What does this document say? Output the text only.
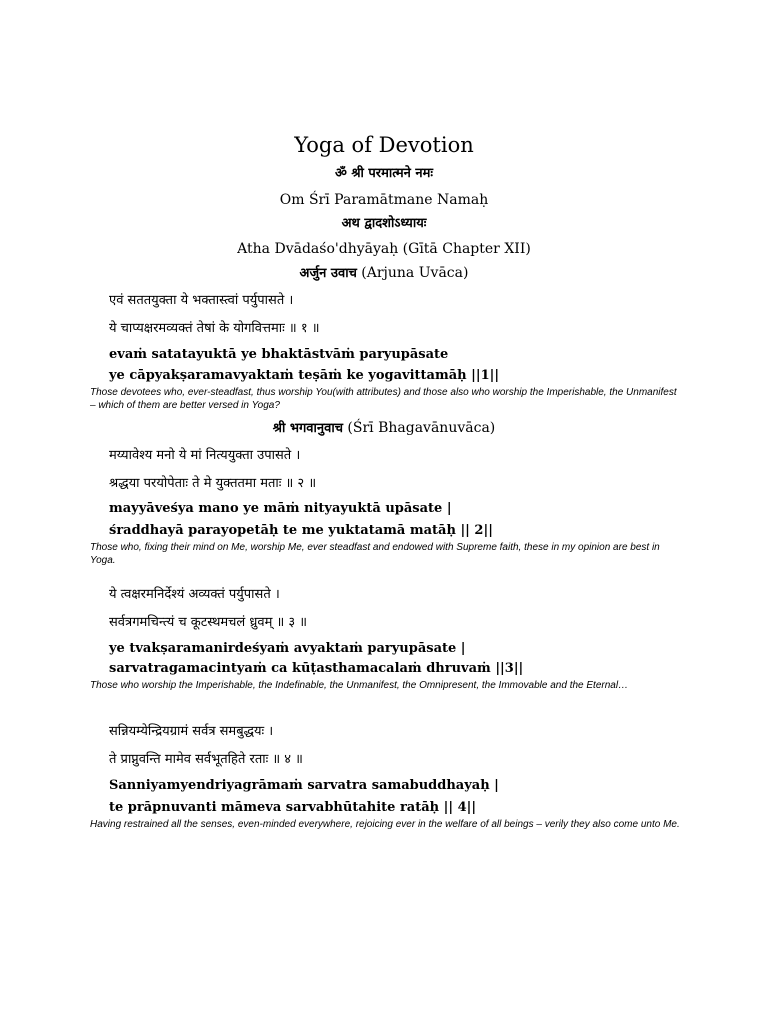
Yoga of Devotion
ॐ श्री परमात्मने नमः
Om Śrī Paramātmane Namaḥ
अथ द्वादशोऽध्यायः
Atha Dvādaśo'dhyāyaḥ (Gītā Chapter XII)
अर्जुन उवाच (Arjuna Uvāca)
एवं सततयुक्ता ये भक्तास्त्वां पर्युपासते ।
ये चाप्यक्षरमव्यक्तं तेषां के योगवित्तमाः ॥ १ ॥
evaṁ satatayuktā ye bhaktāstvāṁ paryupāsate
ye cāpyakṣaramavyaktaṁ teṣāṁ ke yogavittamāḥ ||1||
Those devotees who, ever-steadfast, thus worship You(with attributes) and those also who worship the Imperishable, the Unmanifest – which of them are better versed in Yoga?
श्री भगवानुवाच (Śrī Bhagavānuvāca)
मय्यावेश्य मनो ये मां नित्ययुक्ता उपासते ।
श्रद्धया परयोपेताः ते मे युक्ततमा मताः ॥ २ ॥
mayyāveśya mano ye māṁ nityayuktā upāsate |
śraddhayā parayopetāḥ te me yuktatamā matāḥ || 2||
Those who, fixing their mind on Me, worship Me, ever steadfast and endowed with Supreme faith, these in my opinion are best in Yoga.
ये त्वक्षरमनिर्देश्यं अव्यक्तं पर्युपासते ।
सर्वत्रगमचिन्त्यं च कूटस्थमचलं ध्रुवम् ॥ ३ ॥
ye tvakṣaramanirdeśyaṁ avyaktaṁ paryupāsate |
sarvatragamacintyaṁ ca kūṭasthamacalaṁ dhruvaṁ ||3||
Those who worship the Imperishable, the Indefinable, the Unmanifest, the Omnipresent, the Immovable and the Eternal…
सन्नियम्येन्द्रियग्रामं सर्वत्र समबुद्धयः ।
ते प्राप्नुवन्ति मामेव सर्वभूतहिते रताः ॥ ४ ॥
Sanniyamyendriyagrāmaṁ sarvatra samabuddhayaḥ |
te prāpnuvanti māmeva sarvabhūtahite ratāḥ || 4||
Having restrained all the senses, even-minded everywhere, rejoicing ever in the welfare of all beings – verily they also come unto Me.
